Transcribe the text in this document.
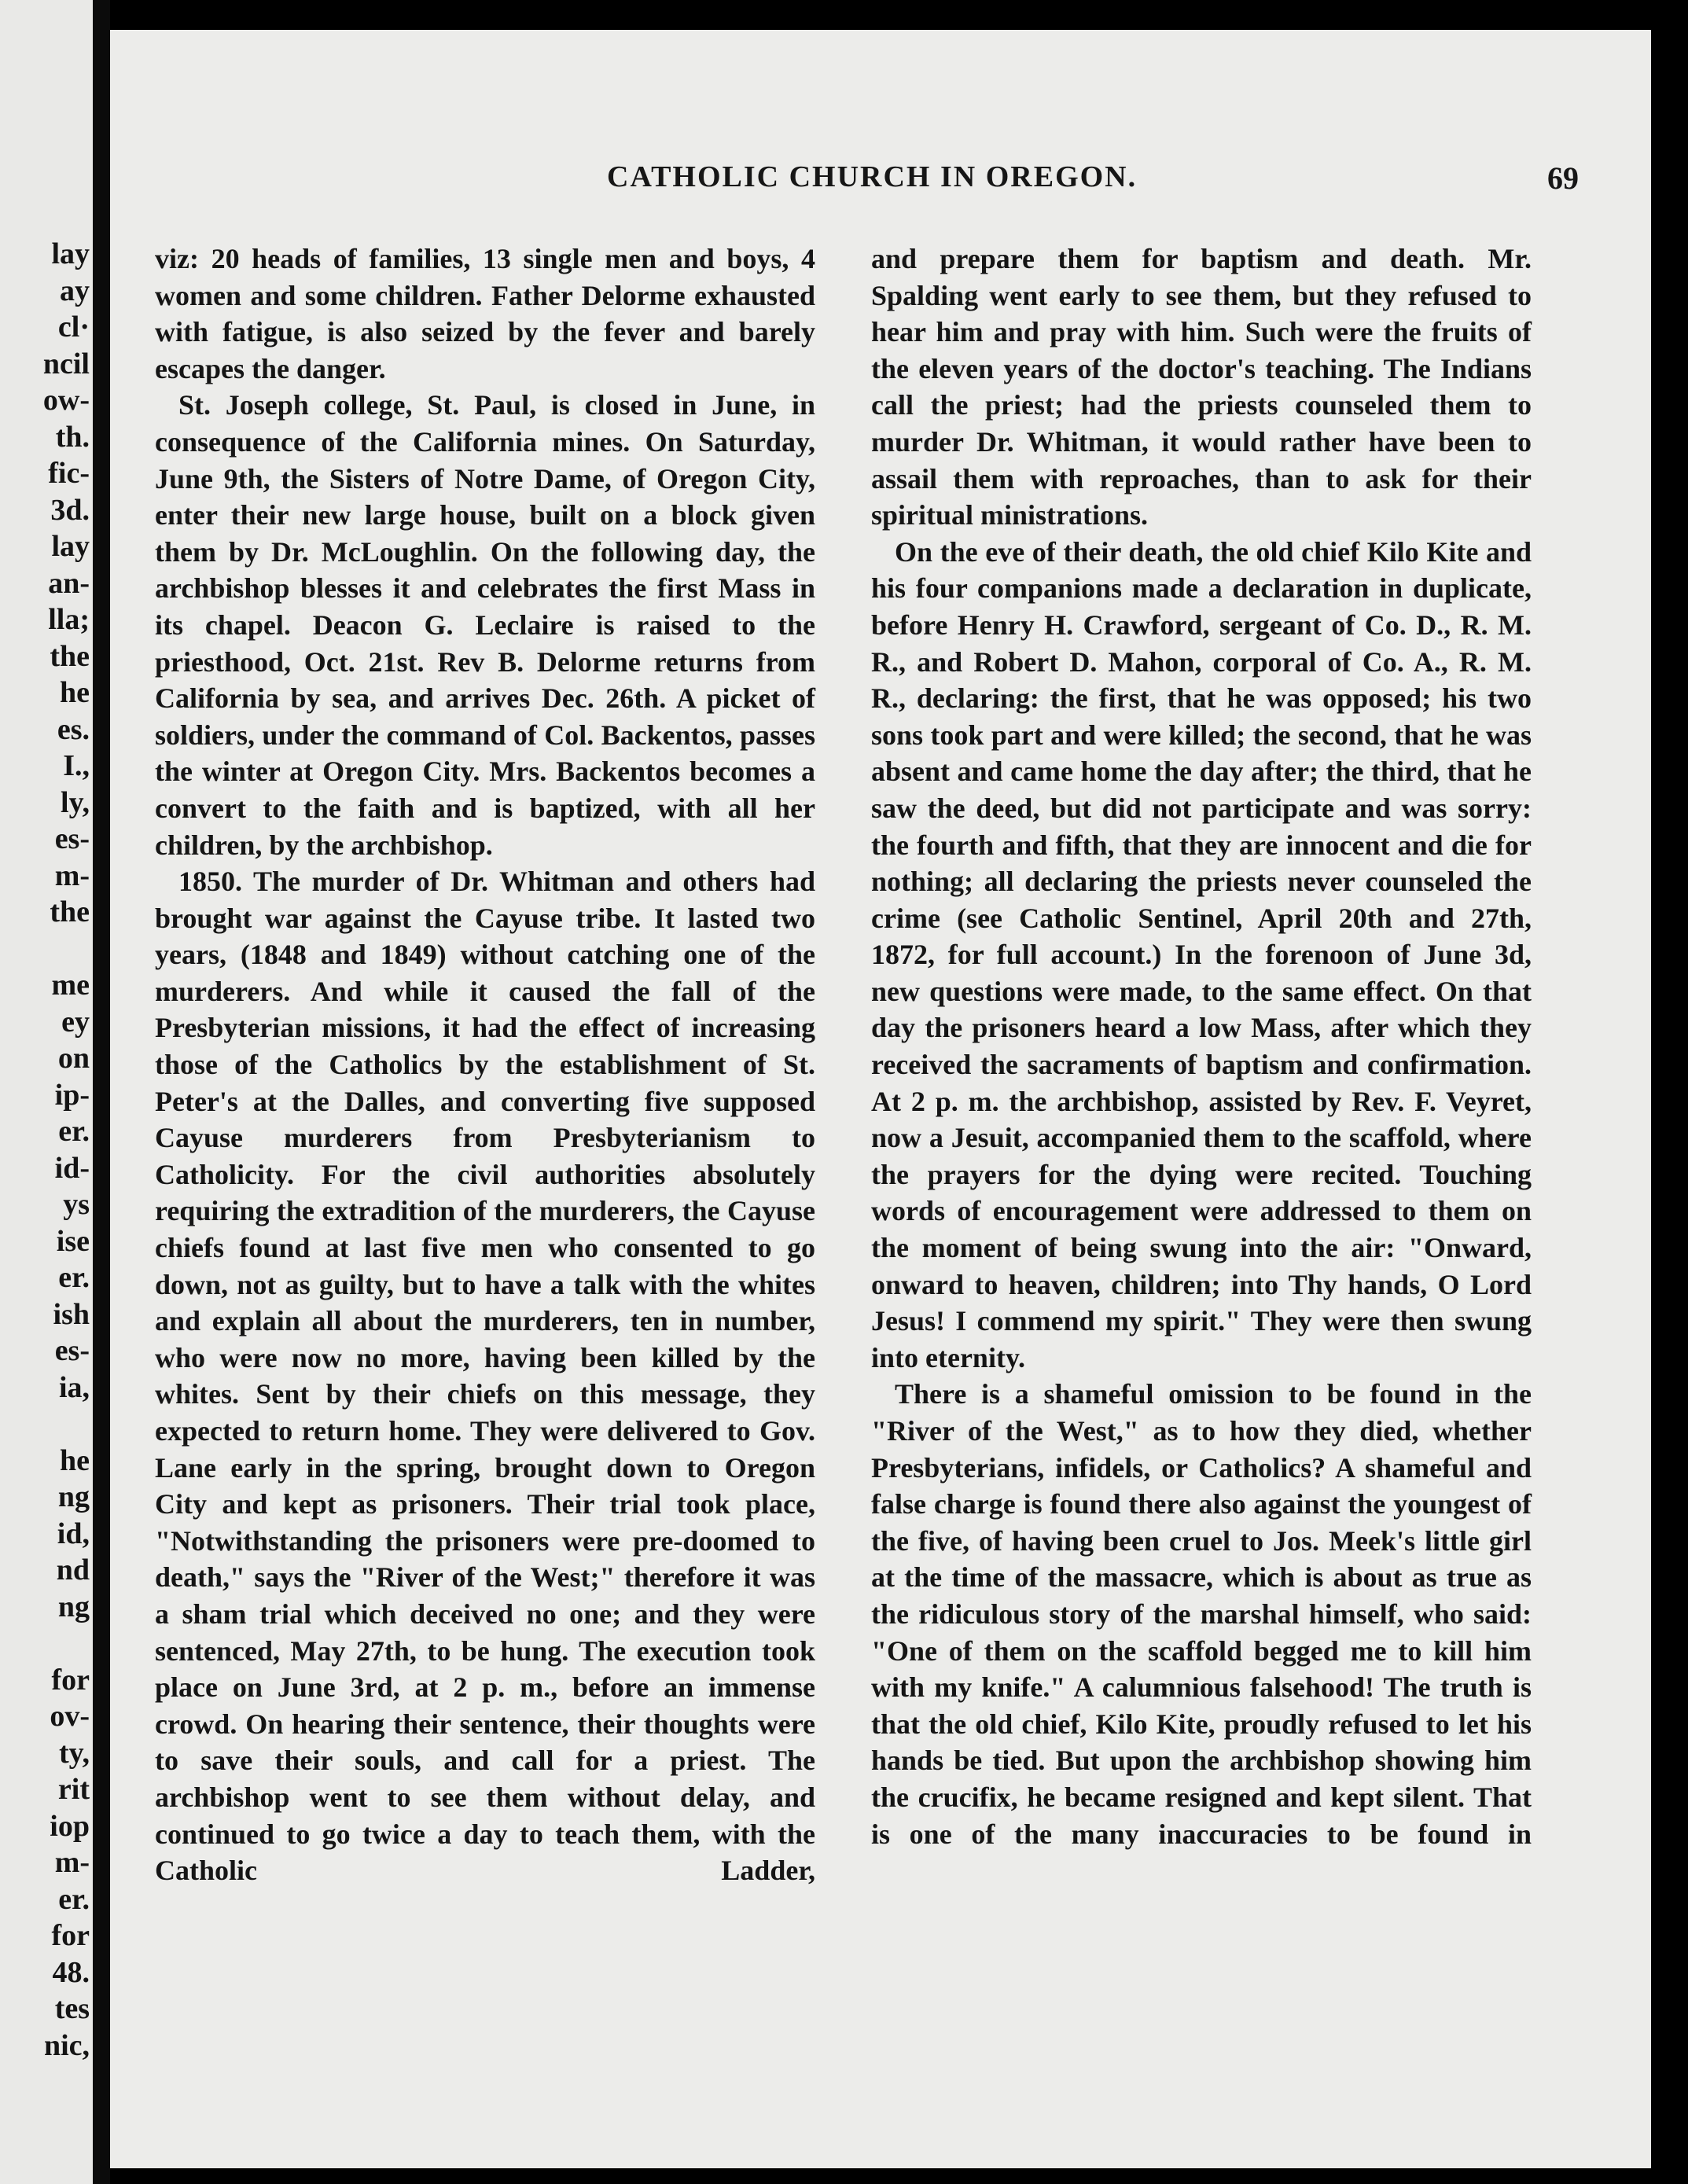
lay
ay
cl·
ncil
ow-
th.
fic-
3d.
lay
an-
lla;
the
he
es.
I.,
ly,
es-
m-
the

me
ey
on
ip-
er.
id-
ys
ise
er.
ish
es-
ia,

he
ng
id,
nd
ng

for
ov-
ty,
rit
iop
m-
er.
for
48.
tes
nic,
CATHOLIC CHURCH IN OREGON.	69

viz: 20 heads of families, 13 single men and boys, 4 women and some children. Father Delorme exhausted with fatigue, is also seized by the fever and barely escapes the danger.

St. Joseph college, St. Paul, is closed in June, in consequence of the California mines. On Saturday, June 9th, the Sisters of Notre Dame, of Oregon City, enter their new large house, built on a block given them by Dr. McLoughlin. On the following day, the archbishop blesses it and celebrates the first Mass in its chapel. Deacon G. Leclaire is raised to the priesthood, Oct. 21st. Rev B. Delorme returns from California by sea, and arrives Dec. 26th. A picket of soldiers, under the command of Col. Backentos, passes the winter at Oregon City. Mrs. Backentos becomes a convert to the faith and is baptized, with all her children, by the archbishop.

1850. The murder of Dr. Whitman and others had brought war against the Cayuse tribe. It lasted two years, (1848 and 1849) without catching one of the murderers. And while it caused the fall of the Presbyterian missions, it had the effect of increasing those of the Catholics by the establishment of St. Peter's at the Dalles, and converting five supposed Cayuse murderers from Presbyterianism to Catholicity. For the civil authorities absolutely requiring the extradition of the murderers, the Cayuse chiefs found at last five men who consented to go down, not as guilty, but to have a talk with the whites and explain all about the murderers, ten in number, who were now no more, having been killed by the whites. Sent by their chiefs on this message, they expected to return home. They were delivered to Gov. Lane early in the spring, brought down to Oregon City and kept as prisoners. Their trial took place, "Notwithstanding the prisoners were pre-doomed to death," says the "River of the West;" therefore it was a sham trial which deceived no one; and they were sentenced, May 27th, to be hung. The execution took place on June 3rd, at 2 p. m., before an immense crowd. On hearing their sentence, their thoughts were to save their souls, and call for a priest. The archbishop went to see them without delay, and continued to go twice a day to teach them, with the Catholic Ladder,

and prepare them for baptism and death. Mr. Spalding went early to see them, but they refused to hear him and pray with him. Such were the fruits of the eleven years of the doctor's teaching. The Indians call the priest; had the priests counseled them to murder Dr. Whitman, it would rather have been to assail them with reproaches, than to ask for their spiritual ministrations.

On the eve of their death, the old chief Kilo Kite and his four companions made a declaration in duplicate, before Henry H. Crawford, sergeant of Co. D., R. M. R., and Robert D. Mahon, corporal of Co. A., R. M. R., declaring: the first, that he was opposed; his two sons took part and were killed; the second, that he was absent and came home the day after; the third, that he saw the deed, but did not participate and was sorry: the fourth and fifth, that they are innocent and die for nothing; all declaring the priests never counseled the crime (see Catholic Sentinel, April 20th and 27th, 1872, for full account.) In the forenoon of June 3d, new questions were made, to the same effect. On that day the prisoners heard a low Mass, after which they received the sacraments of baptism and confirmation. At 2 p. m. the archbishop, assisted by Rev. F. Veyret, now a Jesuit, accompanied them to the scaffold, where the prayers for the dying were recited. Touching words of encouragement were addressed to them on the moment of being swung into the air: "Onward, onward to heaven, children; into Thy hands, O Lord Jesus! I commend my spirit." They were then swung into eternity.

There is a shameful omission to be found in the "River of the West," as to how they died, whether Presbyterians, infidels, or Catholics? A shameful and false charge is found there also against the youngest of the five, of having been cruel to Jos. Meek's little girl at the time of the massacre, which is about as true as the ridiculous story of the marshal himself, who said: "One of them on the scaffold begged me to kill him with my knife." A calumnious falsehood! The truth is that the old chief, Kilo Kite, proudly refused to let his hands be tied. But upon the archbishop showing him the crucifix, he became resigned and kept silent. That is one of the many inaccuracies to be found in
